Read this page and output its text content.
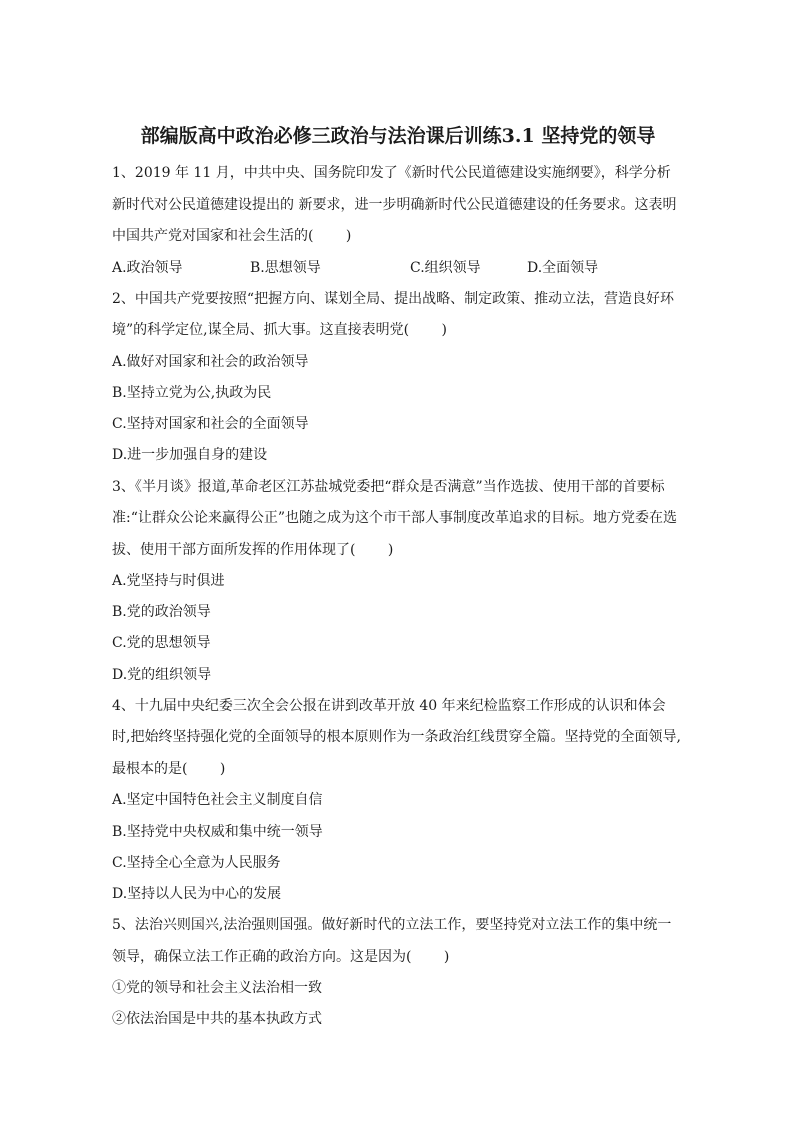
部编版高中政治必修三政治与法治课后训练3.1 坚持党的领导

1、2019 年 11 月，中共中央、国务院印发了《新时代公民道德建设实施纲要》，科学分析新时代对公民道德建设提出的 新要求，进一步明确新时代公民道德建设的任务要求。这表明中国共产党对国家和社会生活的(　 　)

A.政治领导	B.思想领导	C.组织领导	D.全面领导

2、中国共产党要按照“把握方向、谋划全局、提出战略、制定政策、推动立法，营造良好环境”的科学定位,谋全局、抓大事。这直接表明党(　 　)

A.做好对国家和社会的政治领导

B.坚持立党为公,执政为民

C.坚持对国家和社会的全面领导

D.进一步加强自身的建设

3、《半月谈》报道,革命老区江苏盐城党委把“群众是否满意”当作选拔、使用干部的首要标准:“让群众公论来赢得公正”也随之成为这个市干部人事制度改革追求的目标。地方党委在选拔、使用干部方面所发挥的作用体现了(　 　)

A.党坚持与时俱进

B.党的政治领导

C.党的思想领导

D.党的组织领导

4、十九届中央纪委三次全会公报在讲到改革开放 40 年来纪检监察工作形成的认识和体会时,把始终坚持强化党的全面领导的根本原则作为一条政治红线贯穿全篇。坚持党的全面领导,最根本的是(　 　)

A.坚定中国特色社会主义制度自信

B.坚持党中央权威和集中统一领导

C.坚持全心全意为人民服务

D.坚持以人民为中心的发展

5、法治兴则国兴,法治强则国强。做好新时代的立法工作，要坚持党对立法工作的集中统一领导，确保立法工作正确的政治方向。这是因为(　 　)

①党的领导和社会主义法治相一致

②依法治国是中共的基本执政方式
